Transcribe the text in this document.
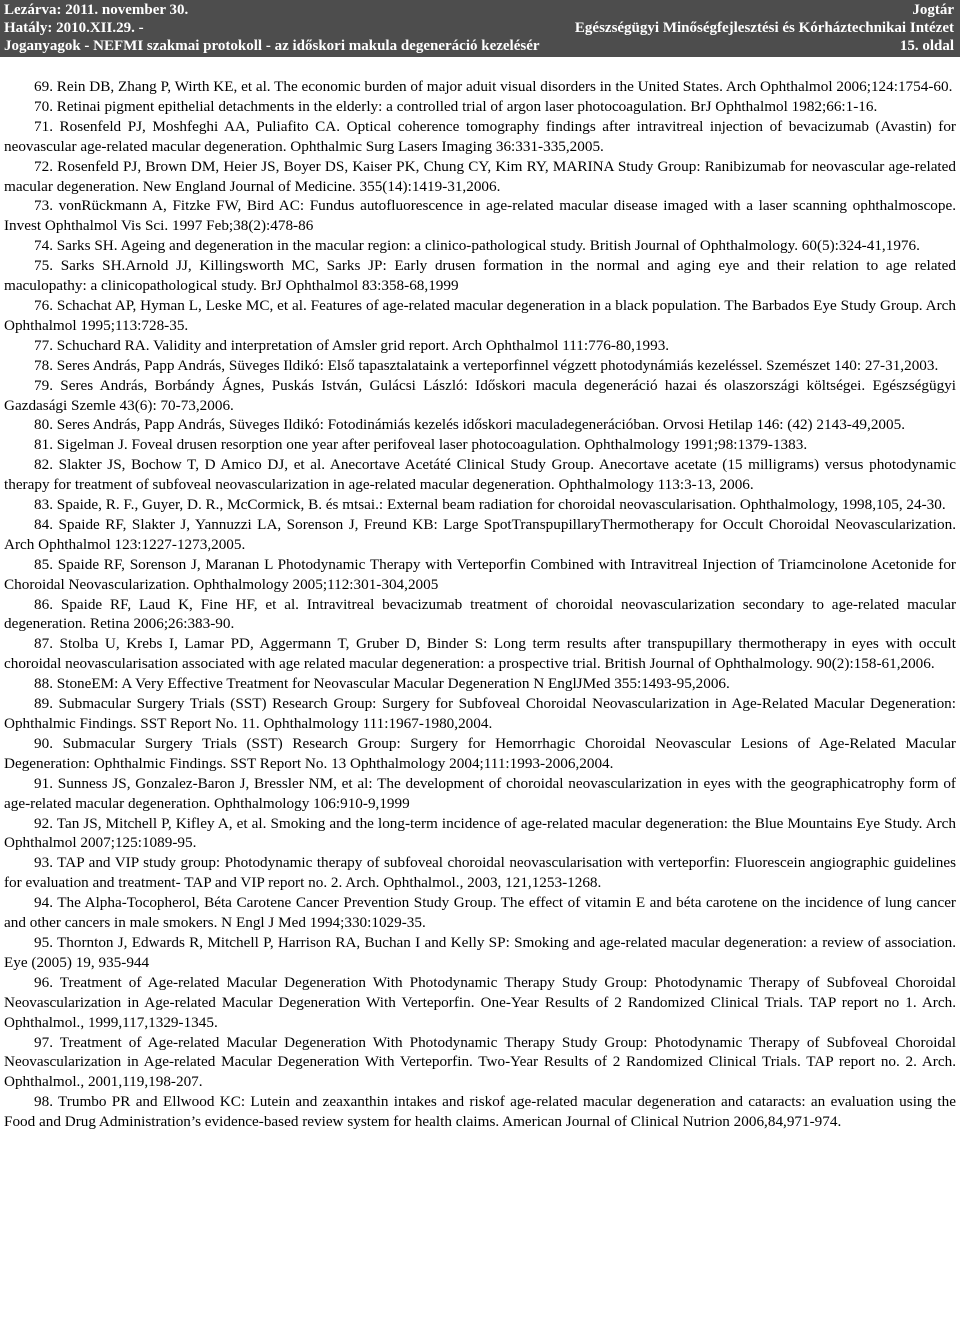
Lezárva: 2011. november 30.	Jogtár
Hatály: 2010.XII.29. -	Egészségügyi Minőségfejlesztési és Kórháztechnikai Intézet
Joganyagok - NEFMI szakmai protokoll - az időskori makula degeneráció kezelésér	15. oldal

69. Rein DB, Zhang P, Wirth KE, et al. The economic burden of major aduit visual disorders in the United States. Arch Ophthalmol 2006;124:1754-60.

70. Retinai pigment epithelial detachments in the elderly: a controlled trial of argon laser photocoagulation. BrJ Ophthalmol 1982;66:1-16.

71. Rosenfeld PJ, Moshfeghi AA, Puliafito CA. Optical coherence tomography findings after intravitreal injection of bevacizumab (Avastin) for neovascular age-related macular degeneration. Ophthalmic Surg Lasers Imaging 36:331-335,2005.

72. Rosenfeld PJ, Brown DM, Heier JS, Boyer DS, Kaiser PK, Chung CY, Kim RY, MARINA Study Group: Ranibizumab for neovascular age-related macular degeneration. New England Journal of Medicine. 355(14):1419-31,2006.

73. vonRückmann A, Fitzke FW, Bird AC: Fundus autofluorescence in age-related macular disease imaged with a laser scanning ophthalmoscope. Invest Ophthalmol Vis Sci. 1997 Feb;38(2):478-86

74. Sarks SH. Ageing and degeneration in the macular region: a clinico-pathological study. British Journal of Ophthalmology. 60(5):324-41,1976.

75. Sarks SH.Arnold JJ, Killingsworth MC, Sarks JP: Early drusen formation in the normal and aging eye and their relation to age related maculopathy: a clinicopathological study. BrJ Ophthalmol 83:358-68,1999

76. Schachat AP, Hyman L, Leske MC, et al. Features of age-related macular degeneration in a black population. The Barbados Eye Study Group. Arch Ophthalmol 1995;113:728-35.

77. Schuchard RA. Validity and interpretation of Amsler grid report. Arch Ophthalmol 111:776-80,1993.

78. Seres András, Papp András, Süveges Ildikó: Első tapasztalataink a verteporfinnel végzett photodynámiás kezeléssel. Szemészet 140: 27-31,2003.

79. Seres András, Borbándy Ágnes, Puskás István, Gulácsi László: Időskori macula degeneráció hazai és olaszországi költségei. Egészségügyi Gazdasági Szemle 43(6): 70-73,2006.

80. Seres András, Papp András, Süveges Ildikó: Fotodinámiás kezelés időskori maculadegenerációban. Orvosi Hetilap 146: (42) 2143-49,2005.

81. Sigelman J. Foveal drusen resorption one year after perifoveal laser photocoagulation. Ophthalmology 1991;98:1379-1383.

82. Slakter JS, Bochow T, D Amico DJ, et al. Anecortave Acetáté Clinical Study Group. Anecortave acetate (15 milligrams) versus photodynamic therapy for treatment of subfoveal neovascularization in age-related macular degeneration. Ophthalmology 113:3-13, 2006.

83. Spaide, R. F., Guyer, D. R., McCormick, B. és mtsai.: External beam radiation for choroidal neovascularisation. Ophthalmology, 1998,105, 24-30.

84. Spaide RF, Slakter J, Yannuzzi LA, Sorenson J, Freund KB: Large SpotTranspupillaryThermotherapy for Occult Choroidal Neovascularization. Arch Ophthalmol 123:1227-1273,2005.

85. Spaide RF, Sorenson J, Maranan L Photodynamic Therapy with Verteporfin Combined with Intravitreal Injection of Triamcinolone Acetonide for Choroidal Neovascularization. Ophthalmology 2005;112:301-304,2005

86. Spaide RF, Laud K, Fine HF, et al. Intravitreal bevacizumab treatment of choroidal neovascularization secondary to age-related macular degeneration. Retina 2006;26:383-90.

87. Stolba U, Krebs I, Lamar PD, Aggermann T, Gruber D, Binder S: Long term results after transpupillary thermotherapy in eyes with occult choroidal neovascularisation associated with age related macular degeneration: a prospective trial. British Journal of Ophthalmology. 90(2):158-61,2006.

88. StoneEM: A Very Effective Treatment for Neovascular Macular Degeneration N EnglJMed 355:1493-95,2006.

89. Submacular Surgery Trials (SST) Research Group: Surgery for Subfoveal Choroidal Neovascularization in Age-Related Macular Degeneration: Ophthalmic Findings. SST Report No. 11. Ophthalmology 111:1967-1980,2004.

90. Submacular Surgery Trials (SST) Research Group: Surgery for Hemorrhagic Choroidal Neovascular Lesions of Age-Related Macular Degeneration: Ophthalmic Findings. SST Report No. 13 Ophthalmology 2004;111:1993-2006,2004.

91. Sunness JS, Gonzalez-Baron J, Bressler NM, et al: The development of choroidal neovascularization in eyes with the geographicatrophy form of age-related macular degeneration. Ophthalmology 106:910-9,1999

92. Tan JS, Mitchell P, Kifley A, et al. Smoking and the long-term incidence of age-related macular degeneration: the Blue Mountains Eye Study. Arch Ophthalmol 2007;125:1089-95.

93. TAP and VIP study group: Photodynamic therapy of subfoveal choroidal neovascularisation with verteporfin: Fluorescein angiographic guidelines for evaluation and treatment- TAP and VIP report no. 2. Arch. Ophthalmol., 2003, 121,1253-1268.

94. The Alpha-Tocopherol, Béta Carotene Cancer Prevention Study Group. The effect of vitamin E and béta carotene on the incidence of lung cancer and other cancers in male smokers. N Engl J Med 1994;330:1029-35.

95. Thornton J, Edwards R, Mitchell P, Harrison RA, Buchan I and Kelly SP: Smoking and age-related macular degeneration: a review of association. Eye (2005) 19, 935-944

96. Treatment of Age-related Macular Degeneration With Photodynamic Therapy Study Group: Photodynamic Therapy of Subfoveal Choroidal Neovascularization in Age-related Macular Degeneration With Verteporfin. One-Year Results of 2 Randomized Clinical Trials. TAP report no 1. Arch. Ophthalmol., 1999,117,1329-1345.

97. Treatment of Age-related Macular Degeneration With Photodynamic Therapy Study Group: Photodynamic Therapy of Subfoveal Choroidal Neovascularization in Age-related Macular Degeneration With Verteporfin. Two-Year Results of 2 Randomized Clinical Trials. TAP report no. 2. Arch. Ophthalmol., 2001,119,198-207.

98. Trumbo PR and Ellwood KC: Lutein and zeaxanthin intakes and riskof age-related macular degeneration and cataracts: an evaluation using the Food and Drug Administration’s evidence-based review system for health claims. American Journal of Clinical Nutrion 2006,84,971-974.
